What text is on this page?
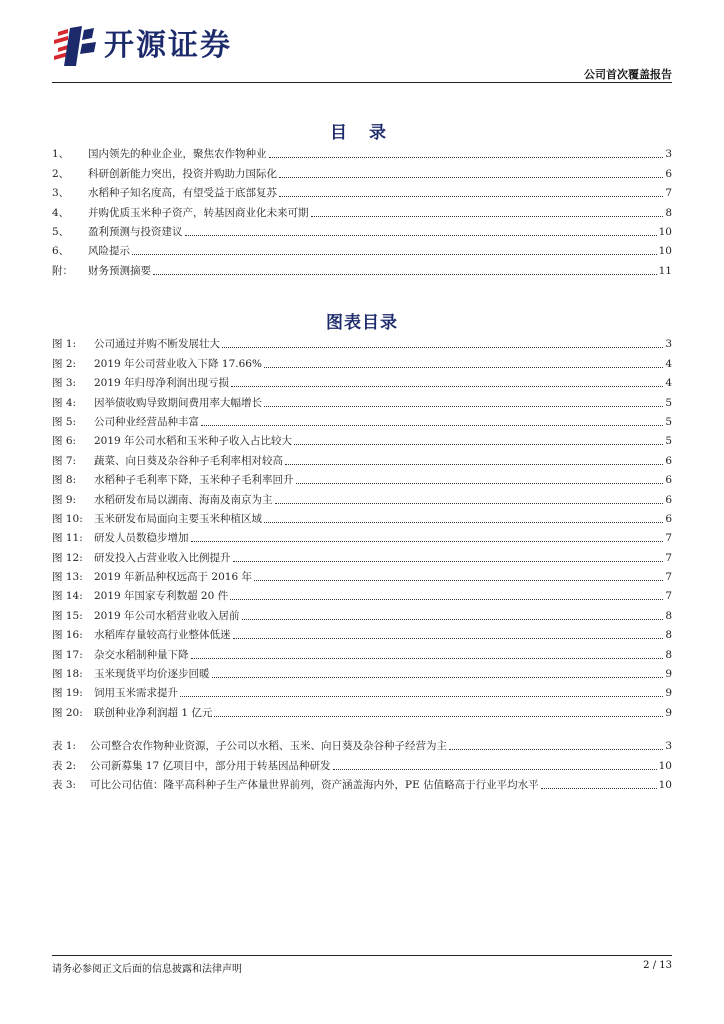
开源证券
公司首次覆盖报告
目 录
1、	国内领先的种业企业，聚焦农作物种业	3
2、	科研创新能力突出，投资并购助力国际化	6
3、	水稻种子知名度高，有望受益于底部复苏	7
4、	并购优质玉米种子资产，转基因商业化未来可期	8
5、	盈利预测与投资建议	10
6、	风险提示	10
附：	财务预测摘要	11
图表目录
图 1:	公司通过并购不断发展壮大	3
图 2:	2019 年公司营业收入下降 17.66%	4
图 3:	2019 年归母净利润出现亏损	4
图 4:	因举债收购导致期间费用率大幅增长	5
图 5:	公司种业经营品种丰富	5
图 6:	2019 年公司水稻和玉米种子收入占比较大	5
图 7:	蔬菜、向日葵及杂谷种子毛利率相对较高	6
图 8:	水稻种子毛利率下降，玉米种子毛利率回升	6
图 9:	水稻研发布局以湖南、海南及南京为主	6
图 10:	玉米研发布局面向主要玉米种植区域	6
图 11:	研发人员数稳步增加	7
图 12:	研发投入占营业收入比例提升	7
图 13:	2019 年新品种权远高于 2016 年	7
图 14:	2019 年国家专利数超 20 件	7
图 15:	2019 年公司水稻营业收入居前	8
图 16:	水稻库存量较高行业整体低迷	8
图 17:	杂交水稻制种量下降	8
图 18:	玉米现货平均价逐步回暖	9
图 19:	饲用玉米需求提升	9
图 20:	联创种业净利润超 1 亿元	9
表 1:	公司整合农作物种业资源，子公司以水稻、玉米、向日葵及杂谷种子经营为主	3
表 2:	公司新募集 17 亿项目中，部分用于转基因品种研发	10
表 3:	可比公司估值：隆平高科种子生产体量世界前列，资产涵盖海内外，PE 估值略高于行业平均水平	10
请务必参阅正文后面的信息披露和法律声明	2 / 13
